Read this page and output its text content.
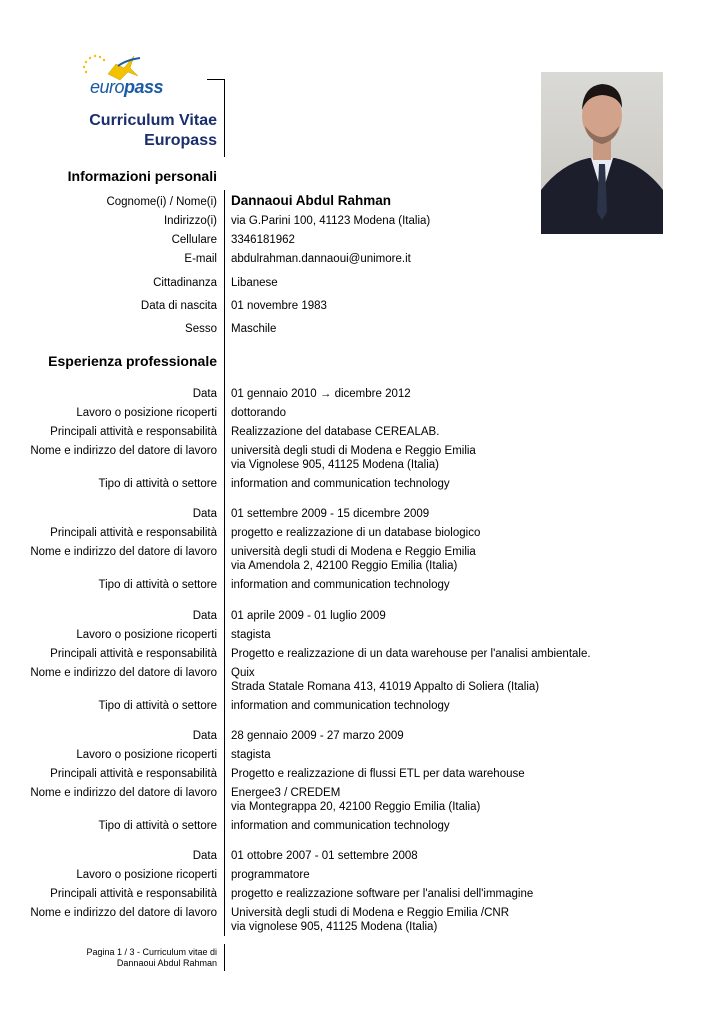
europass
Curriculum Vitae
Europass
Informazioni personali
Cognome(i) / Nome(i) Dannaoui Abdul Rahman
Indirizzo(i) via G.Parini 100, 41123 Modena (Italia)
Cellulare 3346181962
E-mail abdulrahman.dannaoui@unimore.it
Cittadinanza Libanese
Data di nascita 01 novembre 1983
Sesso Maschile
Esperienza professionale
Data 01 gennaio 2010 → dicembre 2012
Lavoro o posizione ricoperti dottorando
Principali attività e responsabilità Realizzazione del database CEREALAB.
Nome e indirizzo del datore di lavoro università degli studi di Modena e Reggio Emilia
via Vignolese 905, 41125 Modena (Italia)
Tipo di attività o settore information and communication technology
Data 01 settembre 2009 - 15 dicembre 2009
Principali attività e responsabilità progetto e realizzazione di un database biologico
Nome e indirizzo del datore di lavoro università degli studi di Modena e Reggio Emilia
via Amendola 2, 42100 Reggio Emilia (Italia)
Tipo di attività o settore information and communication technology
Data 01 aprile 2009 - 01 luglio 2009
Lavoro o posizione ricoperti stagista
Principali attività e responsabilità Progetto e realizzazione di un data warehouse per l'analisi ambientale.
Nome e indirizzo del datore di lavoro Quix
Strada Statale Romana 413, 41019 Appalto di Soliera (Italia)
Tipo di attività o settore information and communication technology
Data 28 gennaio 2009 - 27 marzo 2009
Lavoro o posizione ricoperti stagista
Principali attività e responsabilità Progetto e realizzazione di flussi ETL per data warehouse
Nome e indirizzo del datore di lavoro Energee3 / CREDEM
via Montegrappa 20, 42100 Reggio Emilia (Italia)
Tipo di attività o settore information and communication technology
Data 01 ottobre 2007 - 01 settembre 2008
Lavoro o posizione ricoperti programmatore
Principali attività e responsabilità progetto e realizzazione software per l'analisi dell'immagine
Nome e indirizzo del datore di lavoro Università degli studi di Modena e Reggio Emilia /CNR
via vignolese 905, 41125 Modena (Italia)
Pagina 1 / 3 - Curriculum vitae di
Dannaoui Abdul Rahman
